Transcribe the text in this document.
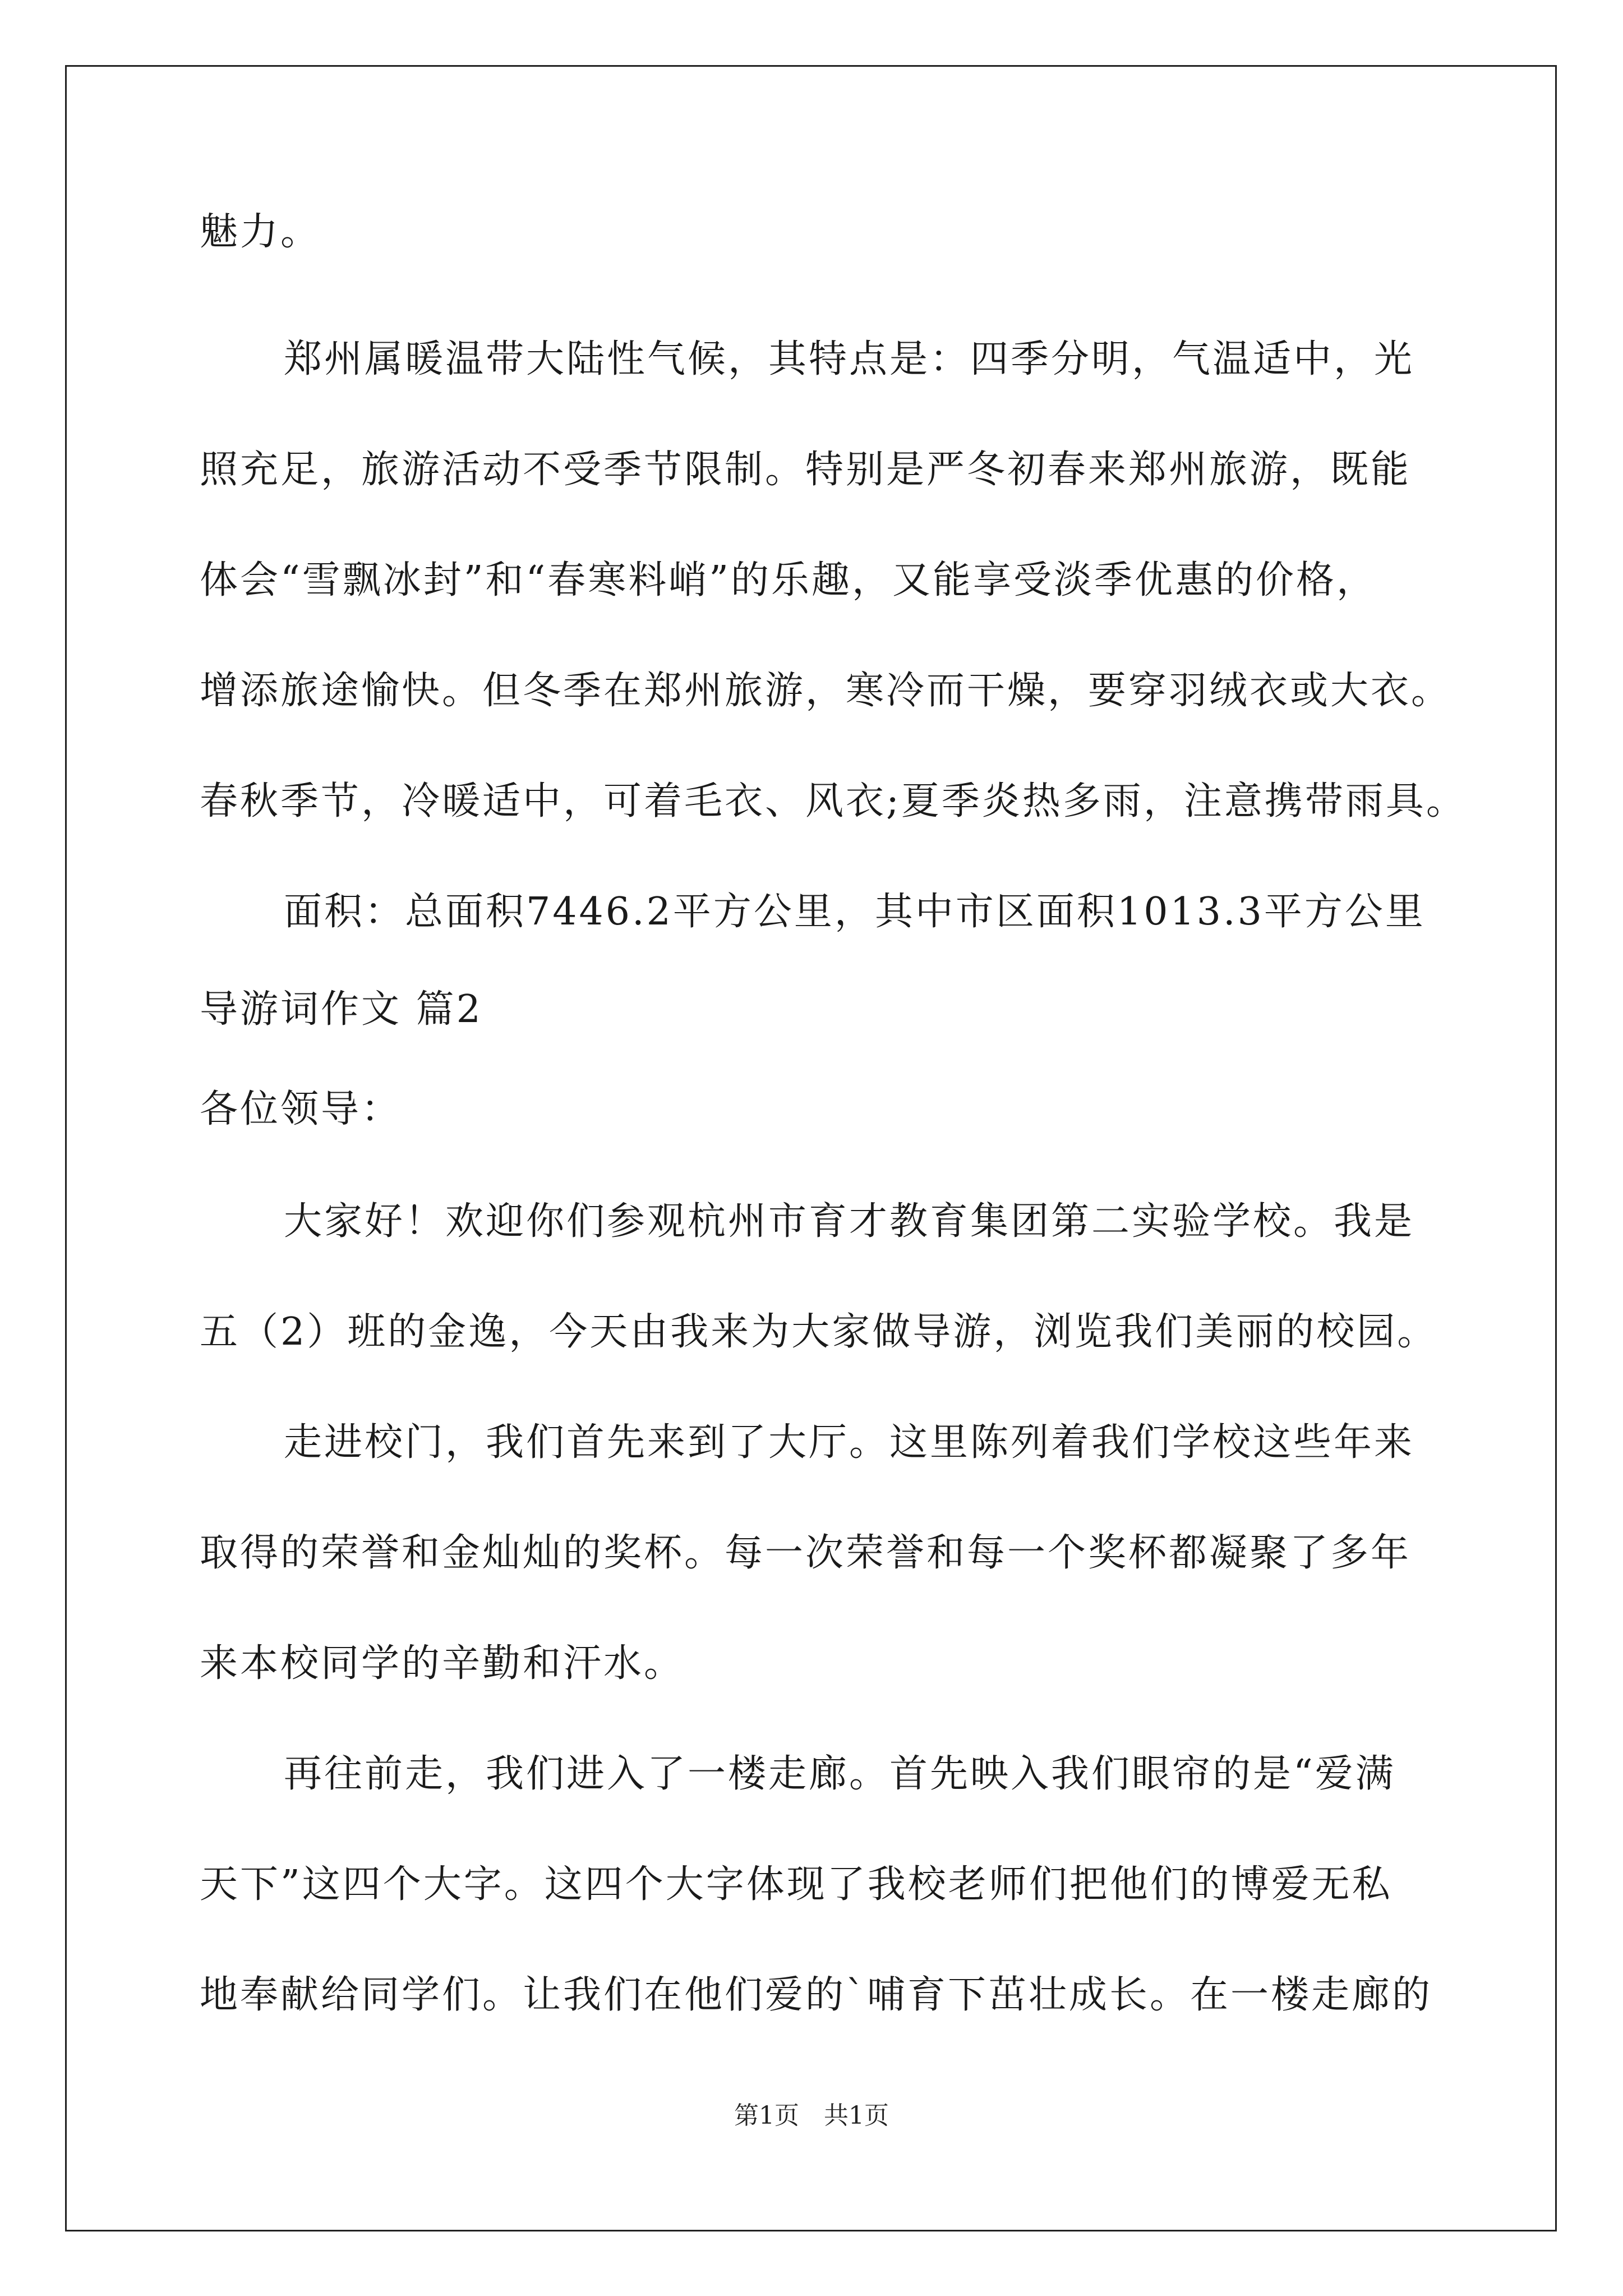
魅力。
郑州属暖温带大陆性气候，其特点是：四季分明，气温适中，光
照充足，旅游活动不受季节限制。特别是严冬初春来郑州旅游，既能
体会“雪飘冰封”和“春寒料峭”的乐趣，又能享受淡季优惠的价格，
增添旅途愉快。但冬季在郑州旅游，寒冷而干燥，要穿羽绒衣或大衣。
春秋季节，冷暖适中，可着毛衣、风衣;夏季炎热多雨，注意携带雨具。
面积：总面积7446.2平方公里，其中市区面积1013.3平方公里
导游词作文 篇2
各位领导：
大家好！欢迎你们参观杭州市育才教育集团第二实验学校。我是
五（2）班的金逸，今天由我来为大家做导游，浏览我们美丽的校园。
走进校门，我们首先来到了大厅。这里陈列着我们学校这些年来
取得的荣誉和金灿灿的奖杯。每一次荣誉和每一个奖杯都凝聚了多年
来本校同学的辛勤和汗水。
再往前走，我们进入了一楼走廊。首先映入我们眼帘的是“爱满
天下”这四个大字。这四个大字体现了我校老师们把他们的博爱无私
地奉献给同学们。让我们在他们爱的`哺育下茁壮成长。在一楼走廊的
第1页　共1页
